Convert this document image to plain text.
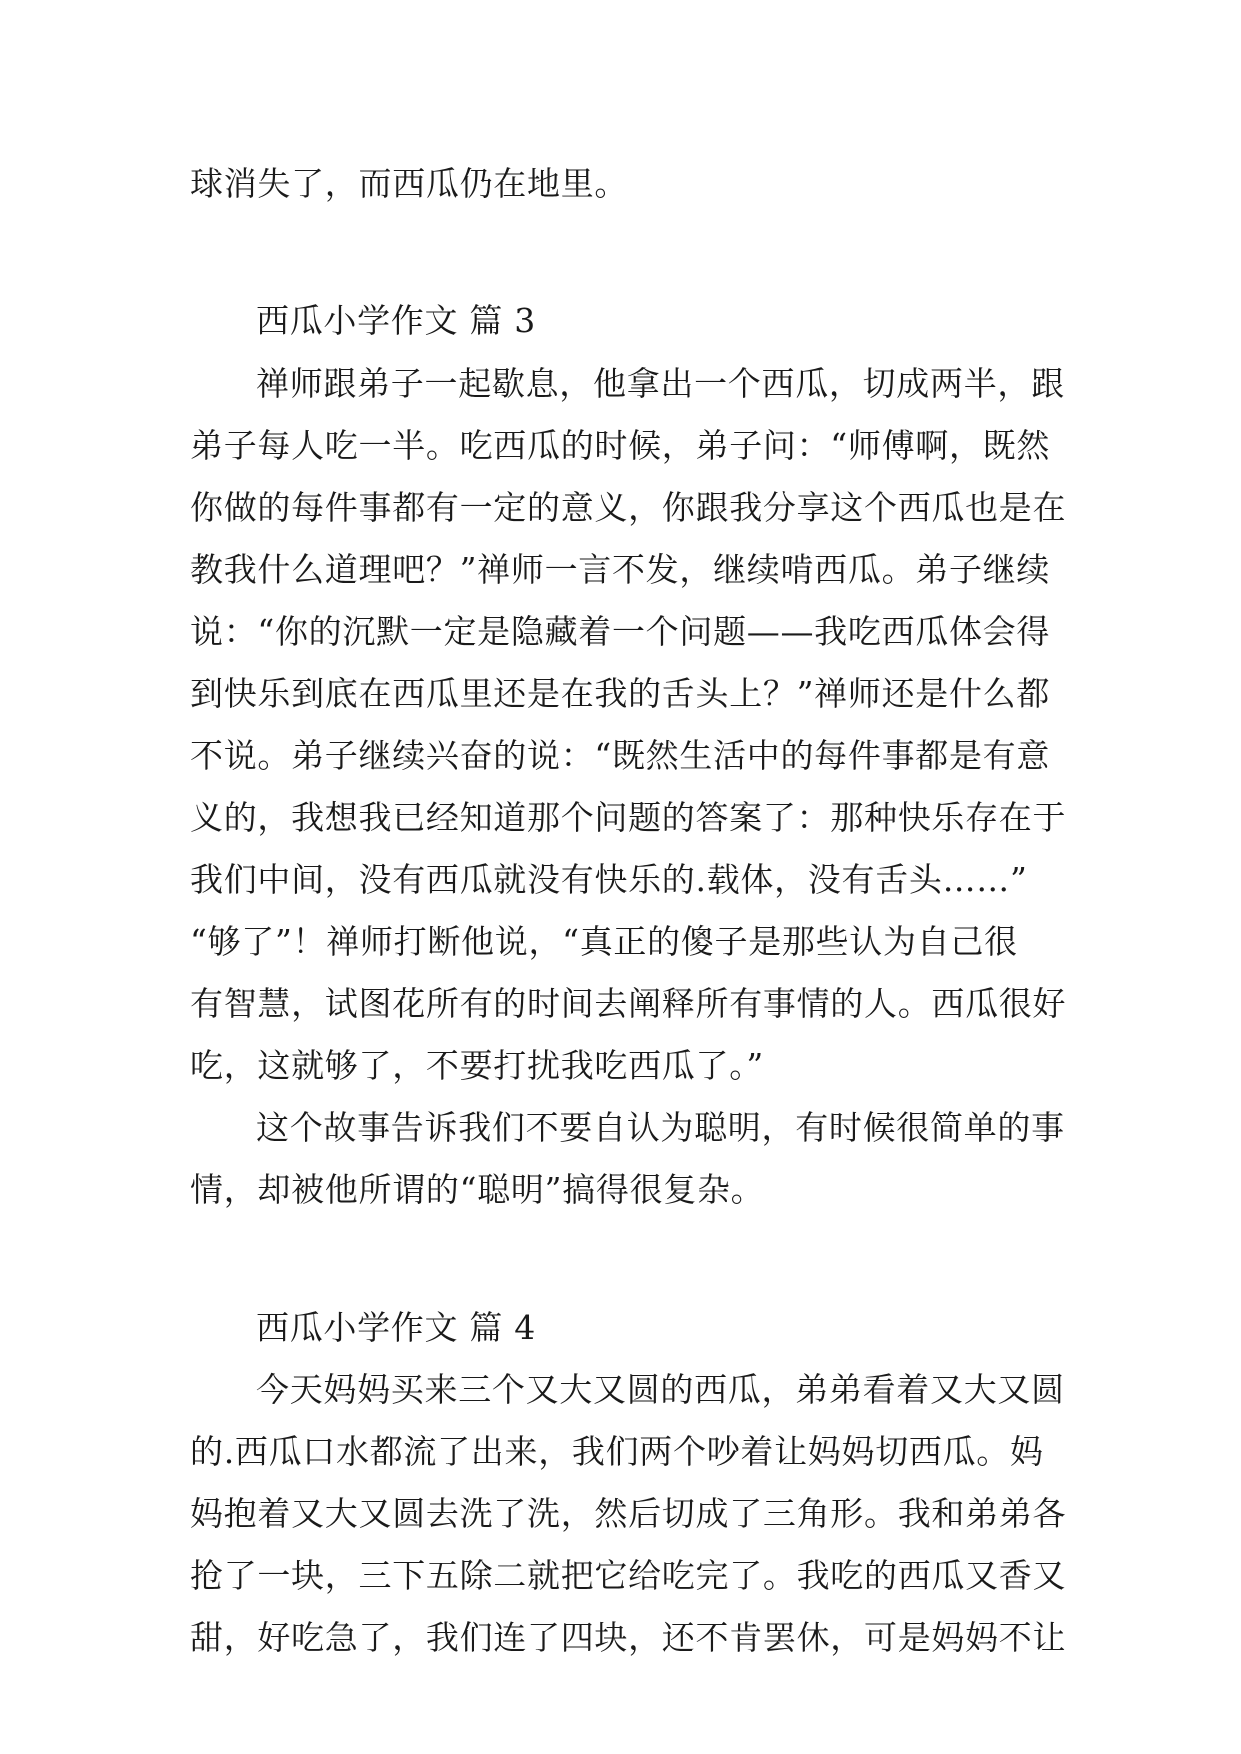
球消失了，而西瓜仍在地里。
西瓜小学作文 篇 3
禅师跟弟子一起歇息，他拿出一个西瓜，切成两半，跟
弟子每人吃一半。吃西瓜的时候，弟子问：“师傅啊，既然
你做的每件事都有一定的意义，你跟我分享这个西瓜也是在
教我什么道理吧？”禅师一言不发，继续啃西瓜。弟子继续
说：“你的沉默一定是隐藏着一个问题——我吃西瓜体会得
到快乐到底在西瓜里还是在我的舌头上？”禅师还是什么都
不说。弟子继续兴奋的说：“既然生活中的每件事都是有意
义的，我想我已经知道那个问题的答案了：那种快乐存在于
我们中间，没有西瓜就没有快乐的.载体，没有舌头……”
“够了”！禅师打断他说，“真正的傻子是那些认为自己很
有智慧，试图花所有的时间去阐释所有事情的人。西瓜很好
吃，这就够了，不要打扰我吃西瓜了。”
这个故事告诉我们不要自认为聪明，有时候很简单的事
情，却被他所谓的“聪明”搞得很复杂。
西瓜小学作文 篇 4
今天妈妈买来三个又大又圆的西瓜，弟弟看着又大又圆
的.西瓜口水都流了出来，我们两个吵着让妈妈切西瓜。妈
妈抱着又大又圆去洗了洗，然后切成了三角形。我和弟弟各
抢了一块，三下五除二就把它给吃完了。我吃的西瓜又香又
甜，好吃急了，我们连了四块，还不肯罢休，可是妈妈不让
